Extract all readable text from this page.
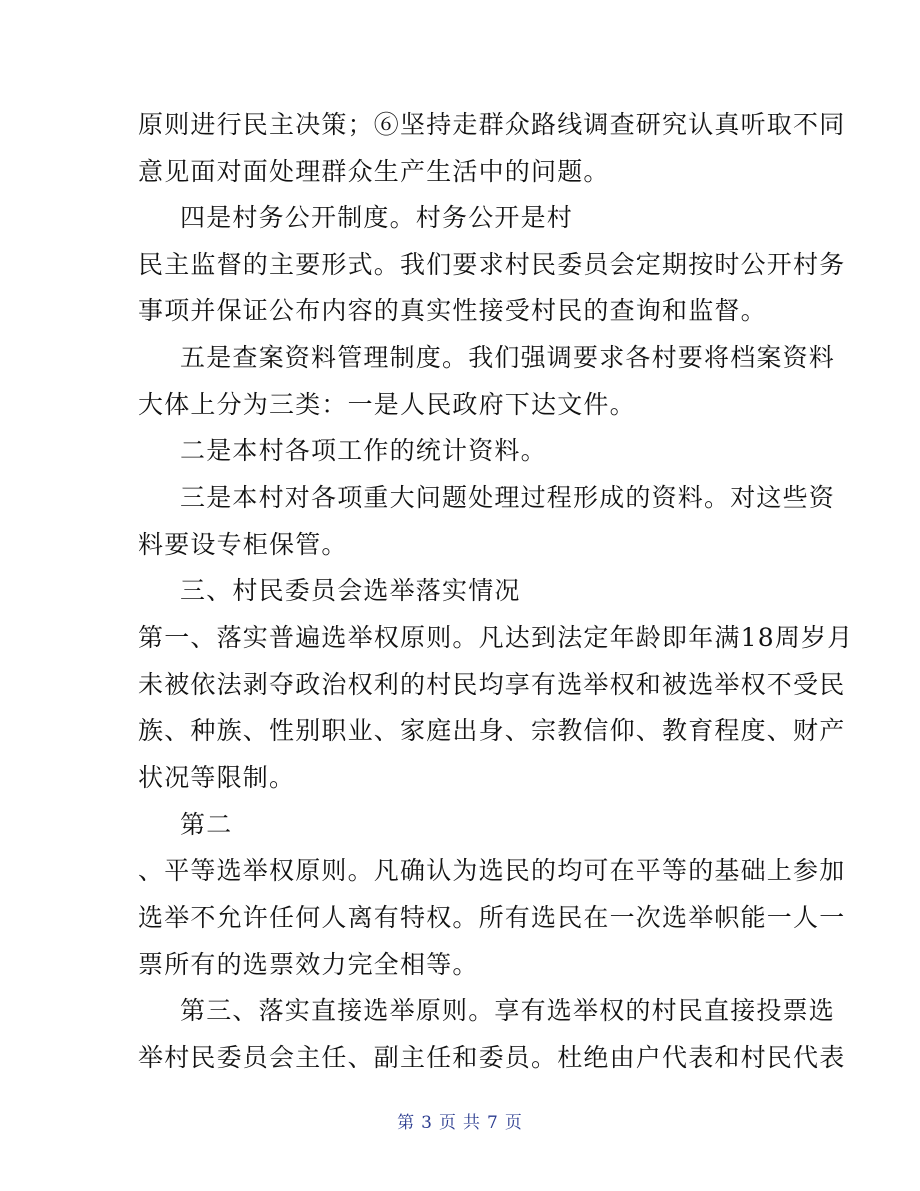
原则进行民主决策；⑥坚持走群众路线调查研究认真听取不同
意见面对面处理群众生产生活中的问题。
四是村务公开制度。村务公开是村
民主监督的主要形式。我们要求村民委员会定期按时公开村务
事项并保证公布内容的真实性接受村民的查询和监督。
五是查案资料管理制度。我们强调要求各村要将档案资料
大体上分为三类：一是人民政府下达文件。
二是本村各项工作的统计资料。
三是本村对各项重大问题处理过程形成的资料。对这些资
料要设专柜保管。
三、村民委员会选举落实情况
第一、落实普遍选举权原则。凡达到法定年龄即年满18周岁月
未被依法剥夺政治权利的村民均享有选举权和被选举权不受民
族、种族、性别职业、家庭出身、宗教信仰、教育程度、财产
状况等限制。
第二
、平等选举权原则。凡确认为选民的均可在平等的基础上参加
选举不允许任何人离有特权。所有选民在一次选举帜能一人一
票所有的选票效力完全相等。
第三、落实直接选举原则。享有选举权的村民直接投票选
举村民委员会主任、副主任和委员。杜绝由户代表和村民代表
第 3 页 共 7 页
